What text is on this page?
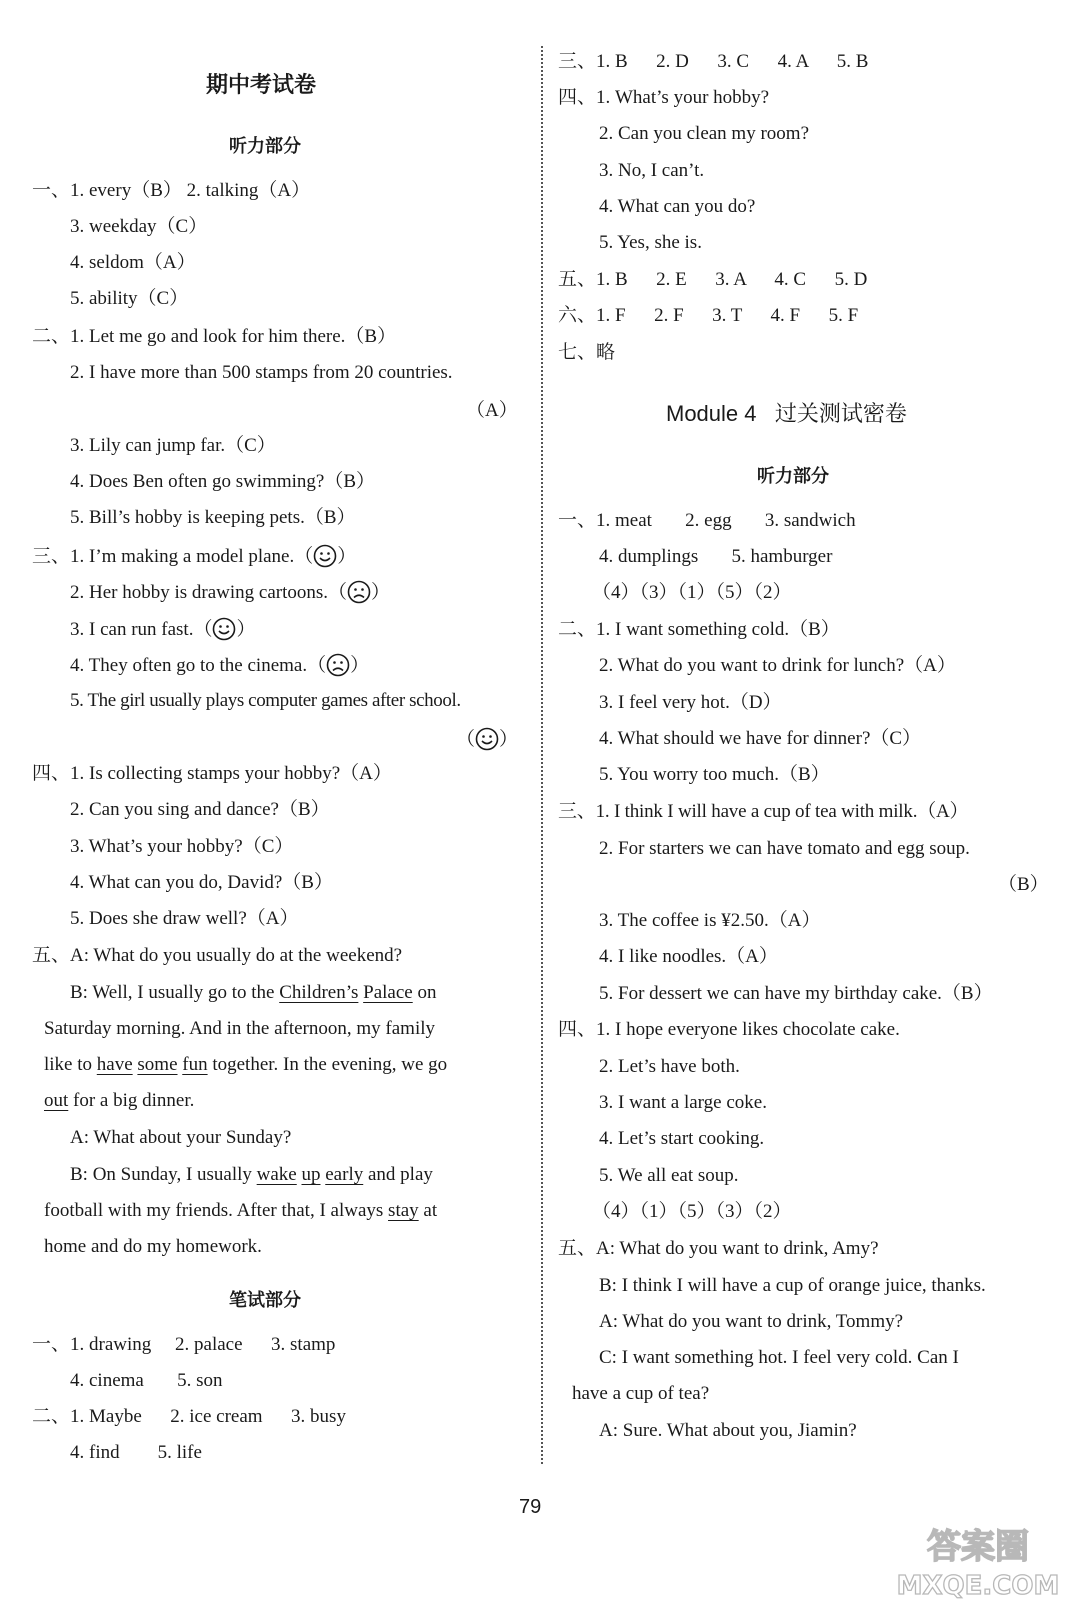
期中考试卷
听力部分
一、1. every（B） 2. talking（A）
3. weekday（C）
4. seldom（A）
5. ability（C）
二、1. Let me go and look for him there.（B）
2. I have more than 500 stamps from 20 countries.
（A）
3. Lily can jump far.（C）
4. Does Ben often go swimming?（B）
5. Bill’s hobby is keeping pets.（B）
三、1. I’m making a model plane.（ ）
2. Her hobby is drawing cartoons.（ ）
3. I can run fast.（ ）
4. They often go to the cinema.（ ）
5. The girl usually plays computer games after school.
（ ）
四、1. Is collecting stamps your hobby?（A）
2. Can you sing and dance?（B）
3. What’s your hobby?（C）
4. What can you do, David?（B）
5. Does she draw well?（A）
五、A: What do you usually do at the weekend?
B: Well, I usually go to the Children’s Palace on
Saturday morning. And in the afternoon, my family
like to have some fun together. In the evening, we go
out for a big dinner.
A: What about your Sunday?
B: On Sunday, I usually wake up early and play
football with my friends. After that, I always stay at
home and do my homework.
笔试部分
一、1. drawing     2. palace      3. stamp
4. cinema       5. son
二、1. Maybe      2. ice cream      3. busy
4. find        5. life
三、1. B      2. D      3. C      4. A      5. B
四、1. What’s your hobby?
2. Can you clean my room?
3. No, I can’t.
4. What can you do?
5. Yes, she is.
五、1. B      2. E      3. A      4. C      5. D
六、1. F      2. F      3. T      4. F      5. F
七、略
Module 4   过关测试密卷
听力部分
一、1. meat       2. egg       3. sandwich
4. dumplings       5. hamburger
（4）（3）（1）（5）（2）
二、1. I want something cold.（B）
2. What do you want to drink for lunch?（A）
3. I feel very hot.（D）
4. What should we have for dinner?（C）
5. You worry too much.（B）
三、1. I think I will have a cup of tea with milk.（A）
2. For starters we can have tomato and egg soup.
（B）
3. The coffee is ¥2.50.（A）
4. I like noodles.（A）
5. For dessert we can have my birthday cake.（B）
四、1. I hope everyone likes chocolate cake.
2. Let’s have both.
3. I want a large coke.
4. Let’s start cooking.
5. We all eat soup.
（4）（1）（5）（3）（2）
五、A: What do you want to drink, Amy?
B: I think I will have a cup of orange juice, thanks.
A: What do you want to drink, Tommy?
C: I want something hot. I feel very cold. Can I
have a cup of tea?
A: Sure. What about you, Jiamin?
79
答案圈
MXQE.COM
